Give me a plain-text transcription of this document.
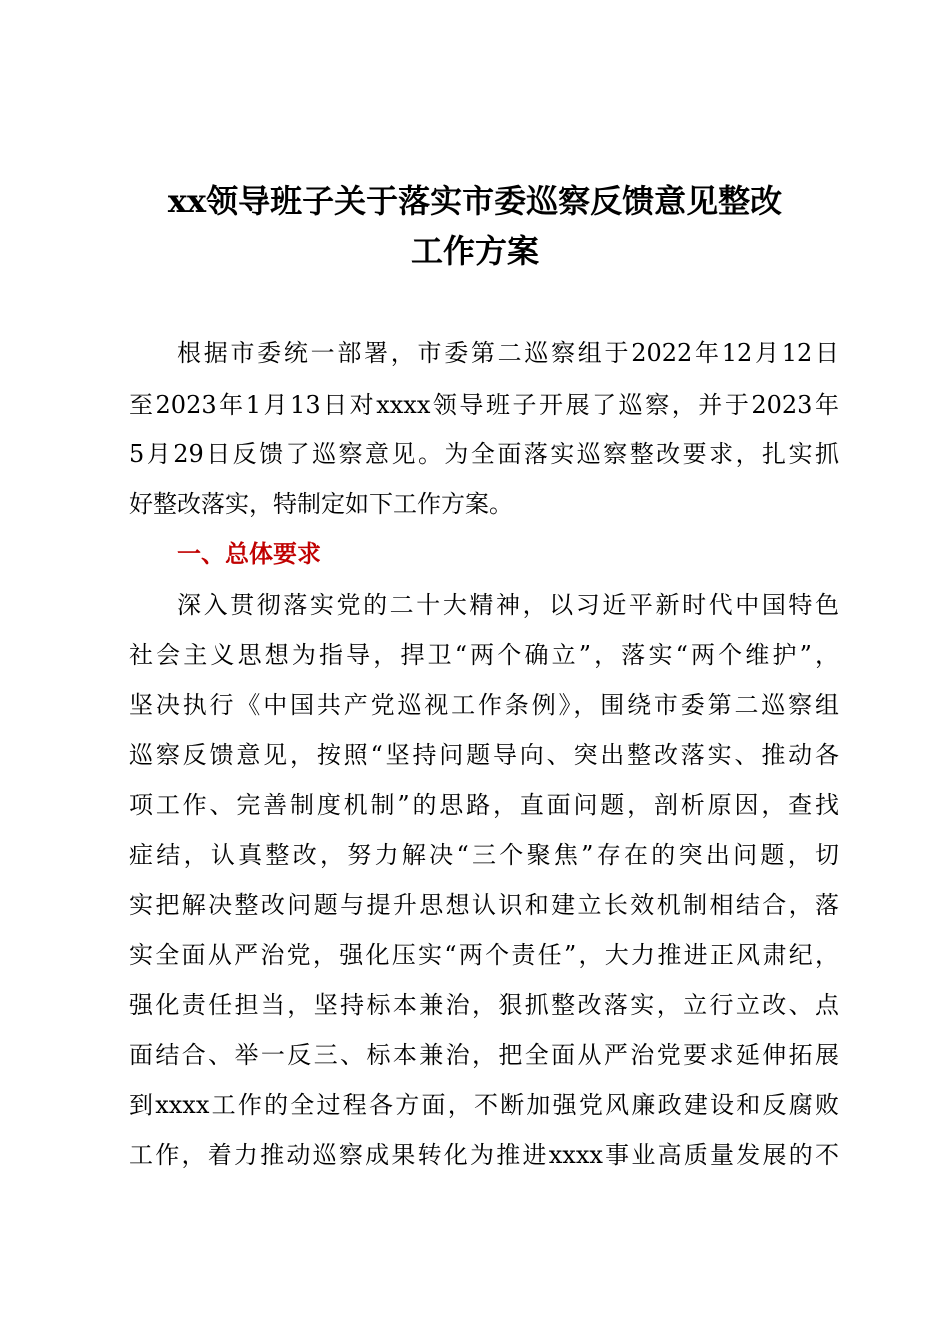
xx领导班子关于落实市委巡察反馈意见整改
工作方案
根据市委统一部署，市委第二巡察组于2022年12月12日
至2023年1月13日对xxxx领导班子开展了巡察，并于2023年
5月29日反馈了巡察意见。为全面落实巡察整改要求，扎实抓
好整改落实，特制定如下工作方案。
一、总体要求
深入贯彻落实党的二十大精神，以习近平新时代中国特色
社会主义思想为指导，捍卫“两个确立”，落实“两个维护”，
坚决执行《中国共产党巡视工作条例》，围绕市委第二巡察组
巡察反馈意见，按照“坚持问题导向、突出整改落实、推动各
项工作、完善制度机制”的思路，直面问题，剖析原因，查找
症结，认真整改，努力解决“三个聚焦”存在的突出问题，切
实把解决整改问题与提升思想认识和建立长效机制相结合，落
实全面从严治党，强化压实“两个责任”，大力推进正风肃纪，
强化责任担当，坚持标本兼治，狠抓整改落实，立行立改、点
面结合、举一反三、标本兼治，把全面从严治党要求延伸拓展
到xxxx工作的全过程各方面，不断加强党风廉政建设和反腐败
工作，着力推动巡察成果转化为推进xxxx事业高质量发展的不
